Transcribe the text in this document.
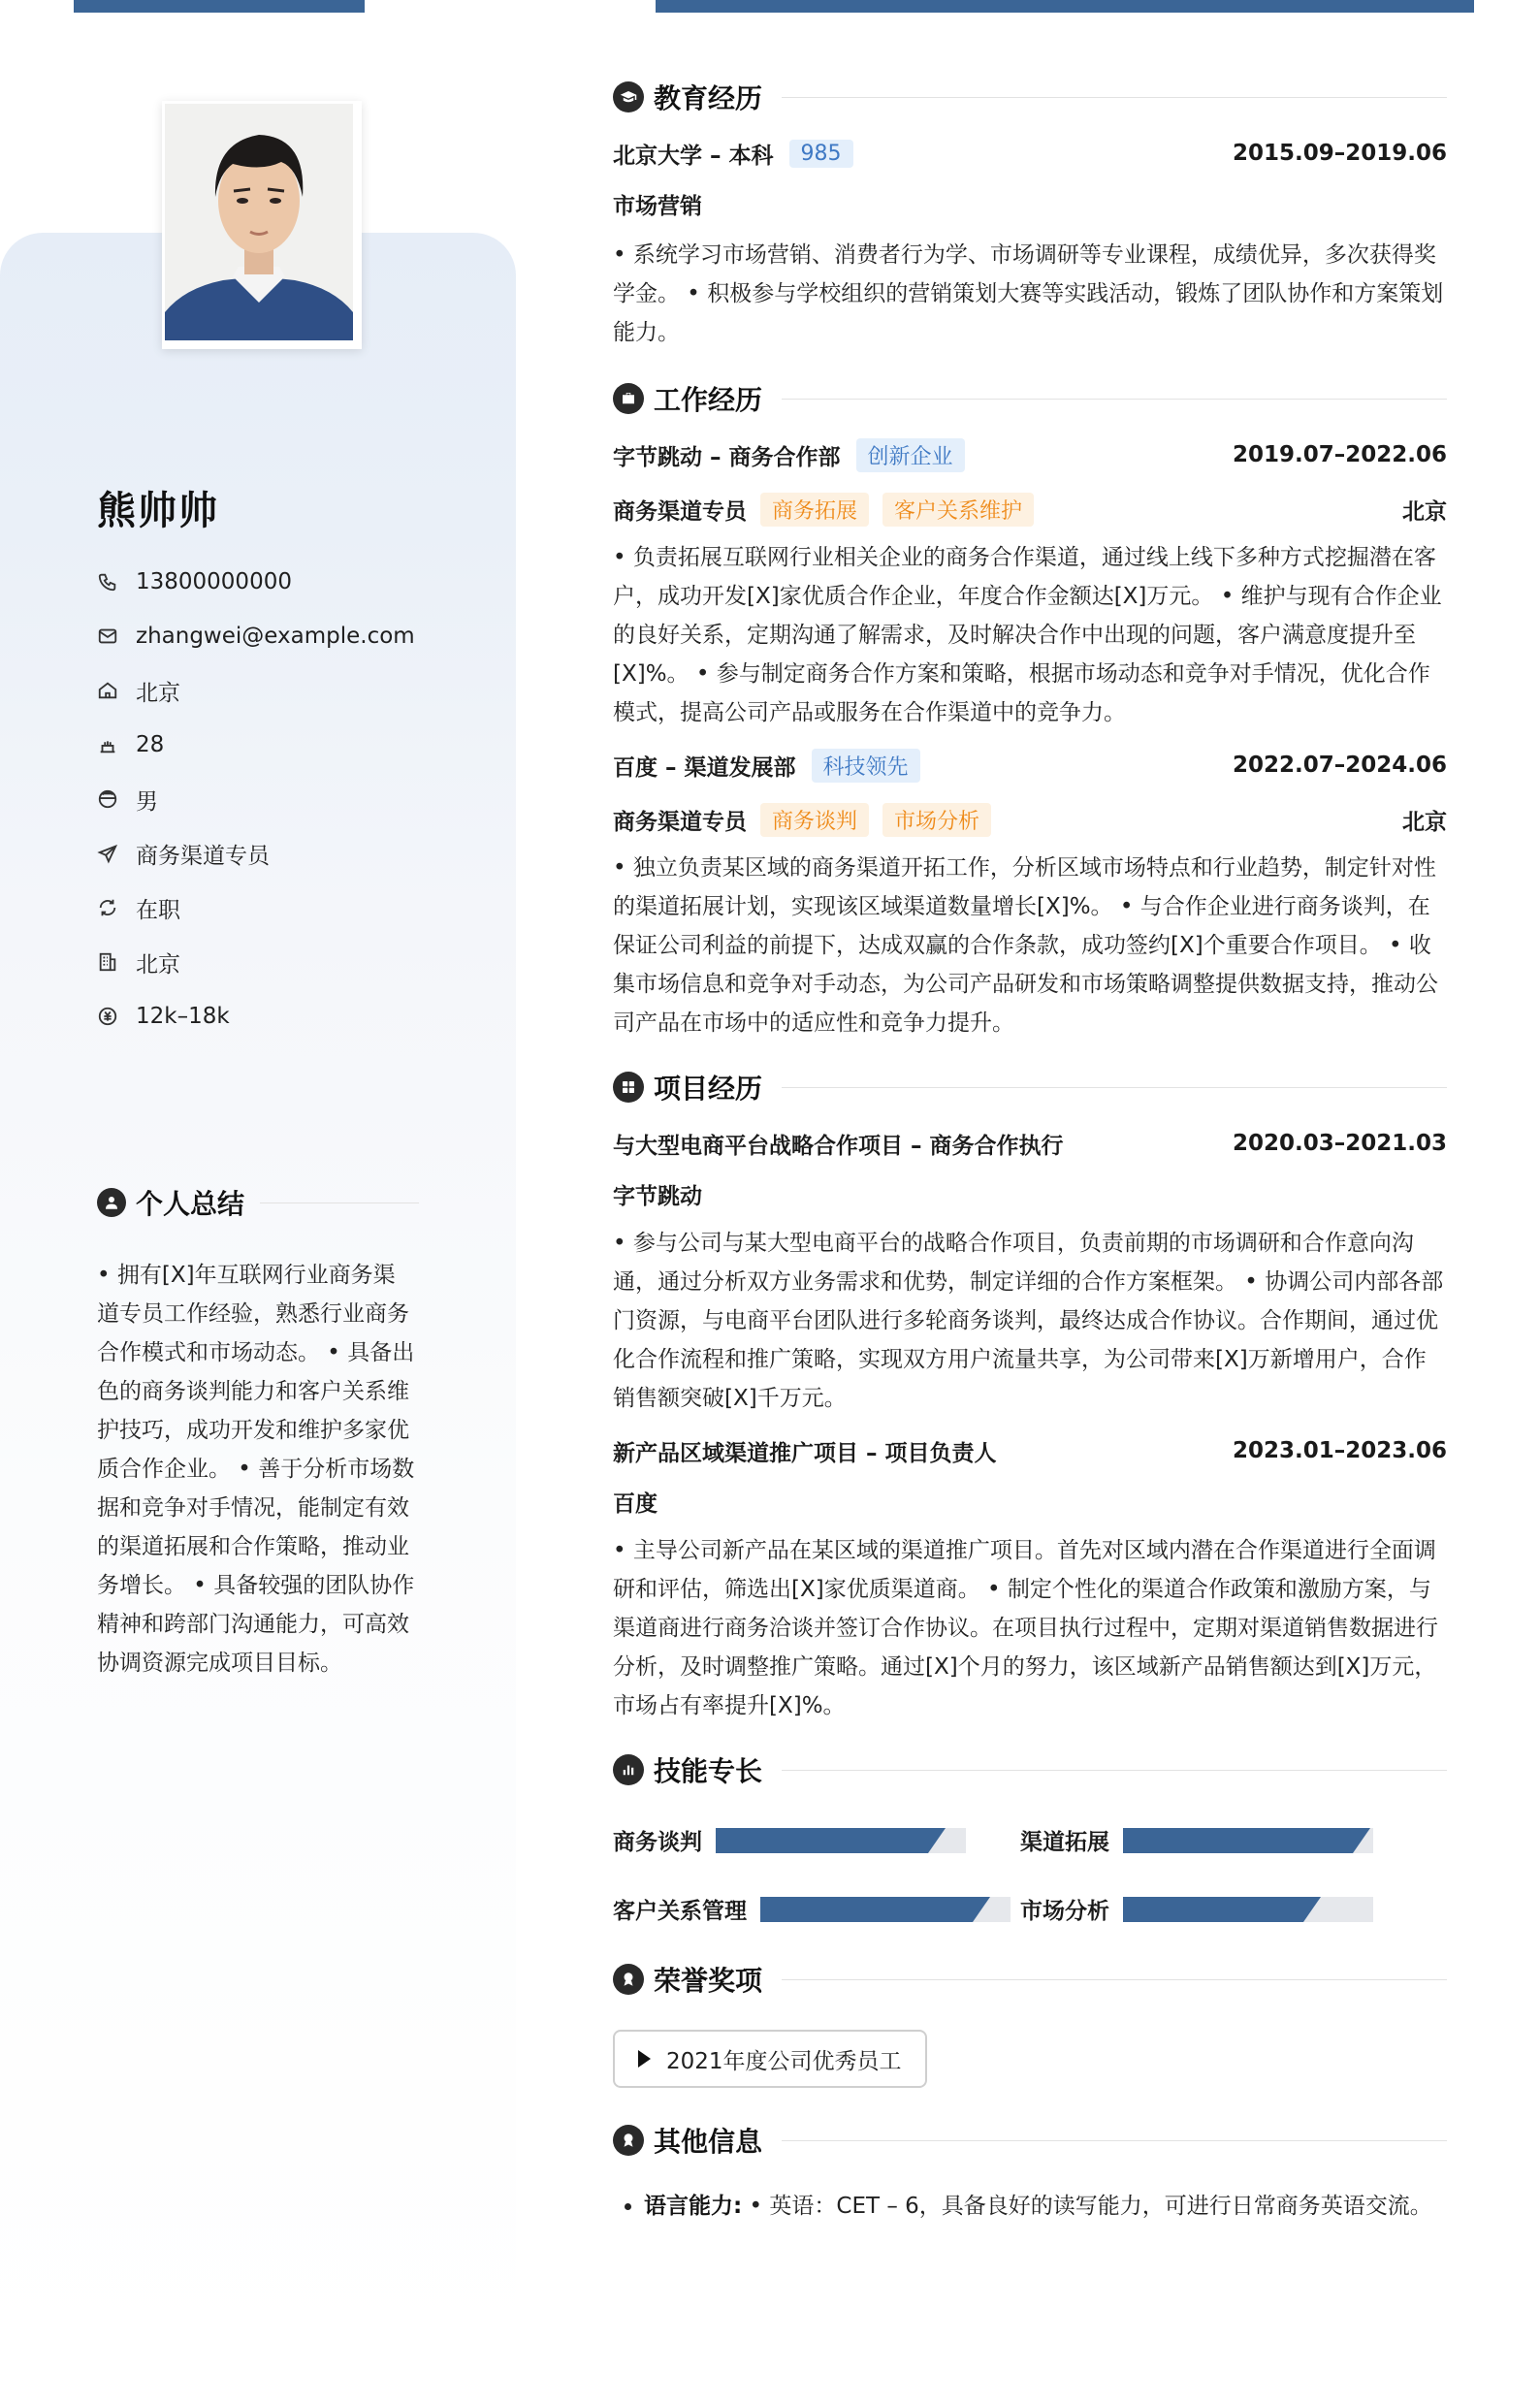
熊帅帅
13800000000
zhangwei@example.com
北京
28
男
商务渠道专员
在职
北京
12k–18k
个人总结
• 拥有[X]年互联网行业商务渠道专员工作经验，熟悉行业商务合作模式和市场动态。 • 具备出色的商务谈判能力和客户关系维护技巧，成功开发和维护多家优质合作企业。 • 善于分析市场数据和竞争对手情况，能制定有效的渠道拓展和合作策略，推动业务增长。 • 具备较强的团队协作精神和跨部门沟通能力，可高效协调资源完成项目目标。
教育经历
北京大学 – 本科	985	2015.09–2019.06
市场营销
• 系统学习市场营销、消费者行为学、市场调研等专业课程，成绩优异，多次获得奖学金。 • 积极参与学校组织的营销策划大赛等实践活动，锻炼了团队协作和方案策划能力。
工作经历
字节跳动 – 商务合作部	创新企业	2019.07–2022.06
商务渠道专员	商务拓展	客户关系维护	北京
• 负责拓展互联网行业相关企业的商务合作渠道，通过线上线下多种方式挖掘潜在客户，成功开发[X]家优质合作企业，年度合作金额达[X]万元。 • 维护与现有合作企业的良好关系，定期沟通了解需求，及时解决合作中出现的问题，客户满意度提升至[X]%。 • 参与制定商务合作方案和策略，根据市场动态和竞争对手情况，优化合作模式，提高公司产品或服务在合作渠道中的竞争力。
百度 – 渠道发展部	科技领先	2022.07–2024.06
商务渠道专员	商务谈判	市场分析	北京
• 独立负责某区域的商务渠道开拓工作，分析区域市场特点和行业趋势，制定针对性的渠道拓展计划，实现该区域渠道数量增长[X]%。 • 与合作企业进行商务谈判，在保证公司利益的前提下，达成双赢的合作条款，成功签约[X]个重要合作项目。 • 收集市场信息和竞争对手动态，为公司产品研发和市场策略调整提供数据支持，推动公司产品在市场中的适应性和竞争力提升。
项目经历
与大型电商平台战略合作项目 – 商务合作执行	2020.03–2021.03
字节跳动
• 参与公司与某大型电商平台的战略合作项目，负责前期的市场调研和合作意向沟通，通过分析双方业务需求和优势，制定详细的合作方案框架。 • 协调公司内部各部门资源，与电商平台团队进行多轮商务谈判，最终达成合作协议。合作期间，通过优化合作流程和推广策略，实现双方用户流量共享，为公司带来[X]万新增用户，合作销售额突破[X]千万元。
新产品区域渠道推广项目 – 项目负责人	2023.01–2023.06
百度
• 主导公司新产品在某区域的渠道推广项目。首先对区域内潜在合作渠道进行全面调研和评估，筛选出[X]家优质渠道商。 • 制定个性化的渠道合作政策和激励方案，与渠道商进行商务洽谈并签订合作协议。在项目执行过程中，定期对渠道销售数据进行分析，及时调整推广策略。通过[X]个月的努力，该区域新产品销售额达到[X]万元，市场占有率提升[X]%。
技能专长
商务谈判	渠道拓展
客户关系管理	市场分析
荣誉奖项
2021年度公司优秀员工
其他信息
• 语言能力: • 英语：CET – 6，具备良好的读写能力，可进行日常商务英语交流。
